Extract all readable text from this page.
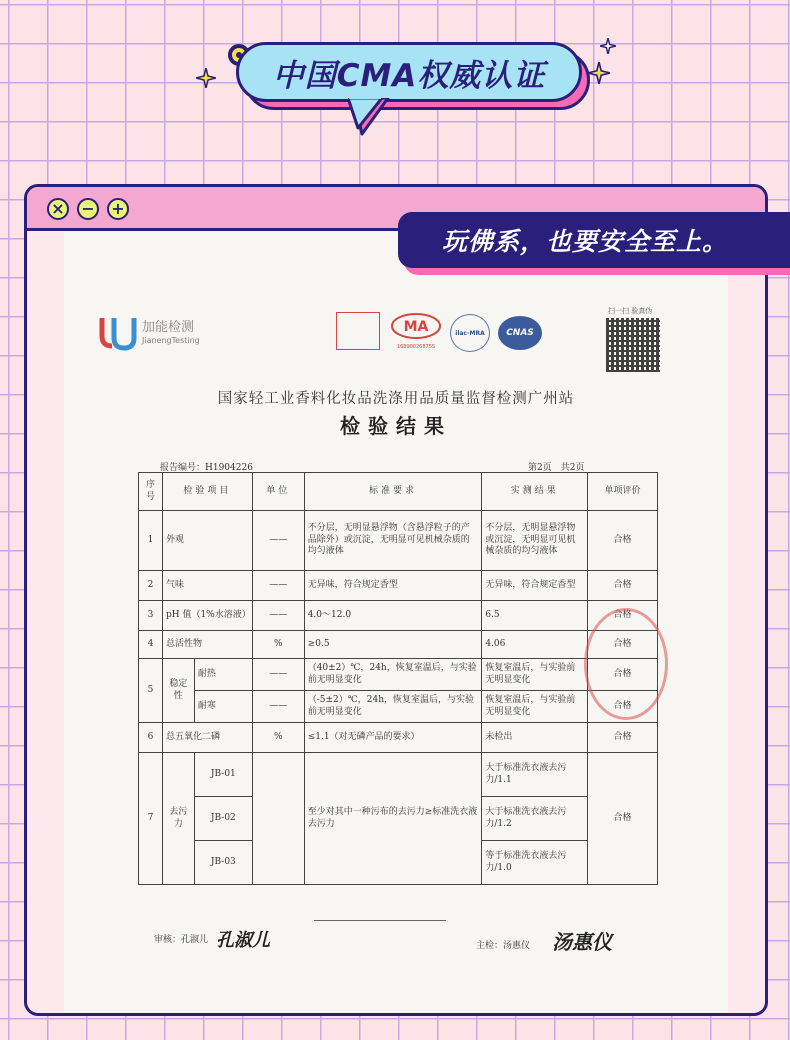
中国CMA权威认证
× − +
加能检测
JianengTesting
MA
16890026875S
ilac-MRA CNAS
扫一扫 验真伪
国家轻工业香料化妆品洗涤用品质量监督检测广州站
检验结果
报告编号：H1904226	第2页　共2页
序号	检验项目		单位	标准要求	实测结果	单项评价
1	外观		——	不分层，无明显悬浮物（含悬浮粒子的产品除外）或沉淀，无明显可见机械杂质的均匀液体	不分层，无明显悬浮物或沉淀，无明显可见机械杂质的均匀液体	合格
2	气味		——	无异味，符合规定香型	无异味，符合规定香型	合格
3	pH 值（1%水溶液）		——	4.0～12.0	6.5	合格
4	总活性物		%	≥0.5	4.06	合格
5	稳定性	耐热	——	（40±2）℃，24h，恢复室温后，与实验前无明显变化	恢复室温后，与实验前无明显变化	合格
		耐寒	——	（-5±2）℃，24h，恢复室温后，与实验前无明显变化	恢复室温后，与实验前无明显变化	合格
6	总五氧化二磷		%	≤1.1（对无磷产品的要求）	未检出	合格
7	去污力	JB-01		至少对其中一种污布的去污力≥标准洗衣液去污力	大于标准洗衣液去污力/1.1	合格
		JB-02			大于标准洗衣液去污力/1.2	
		JB-03			等于标准洗衣液去污力/1.0	
审核：孔淑儿 孔淑儿	主检：汤惠仪 汤惠仪
玩佛系，也要安全至上。
